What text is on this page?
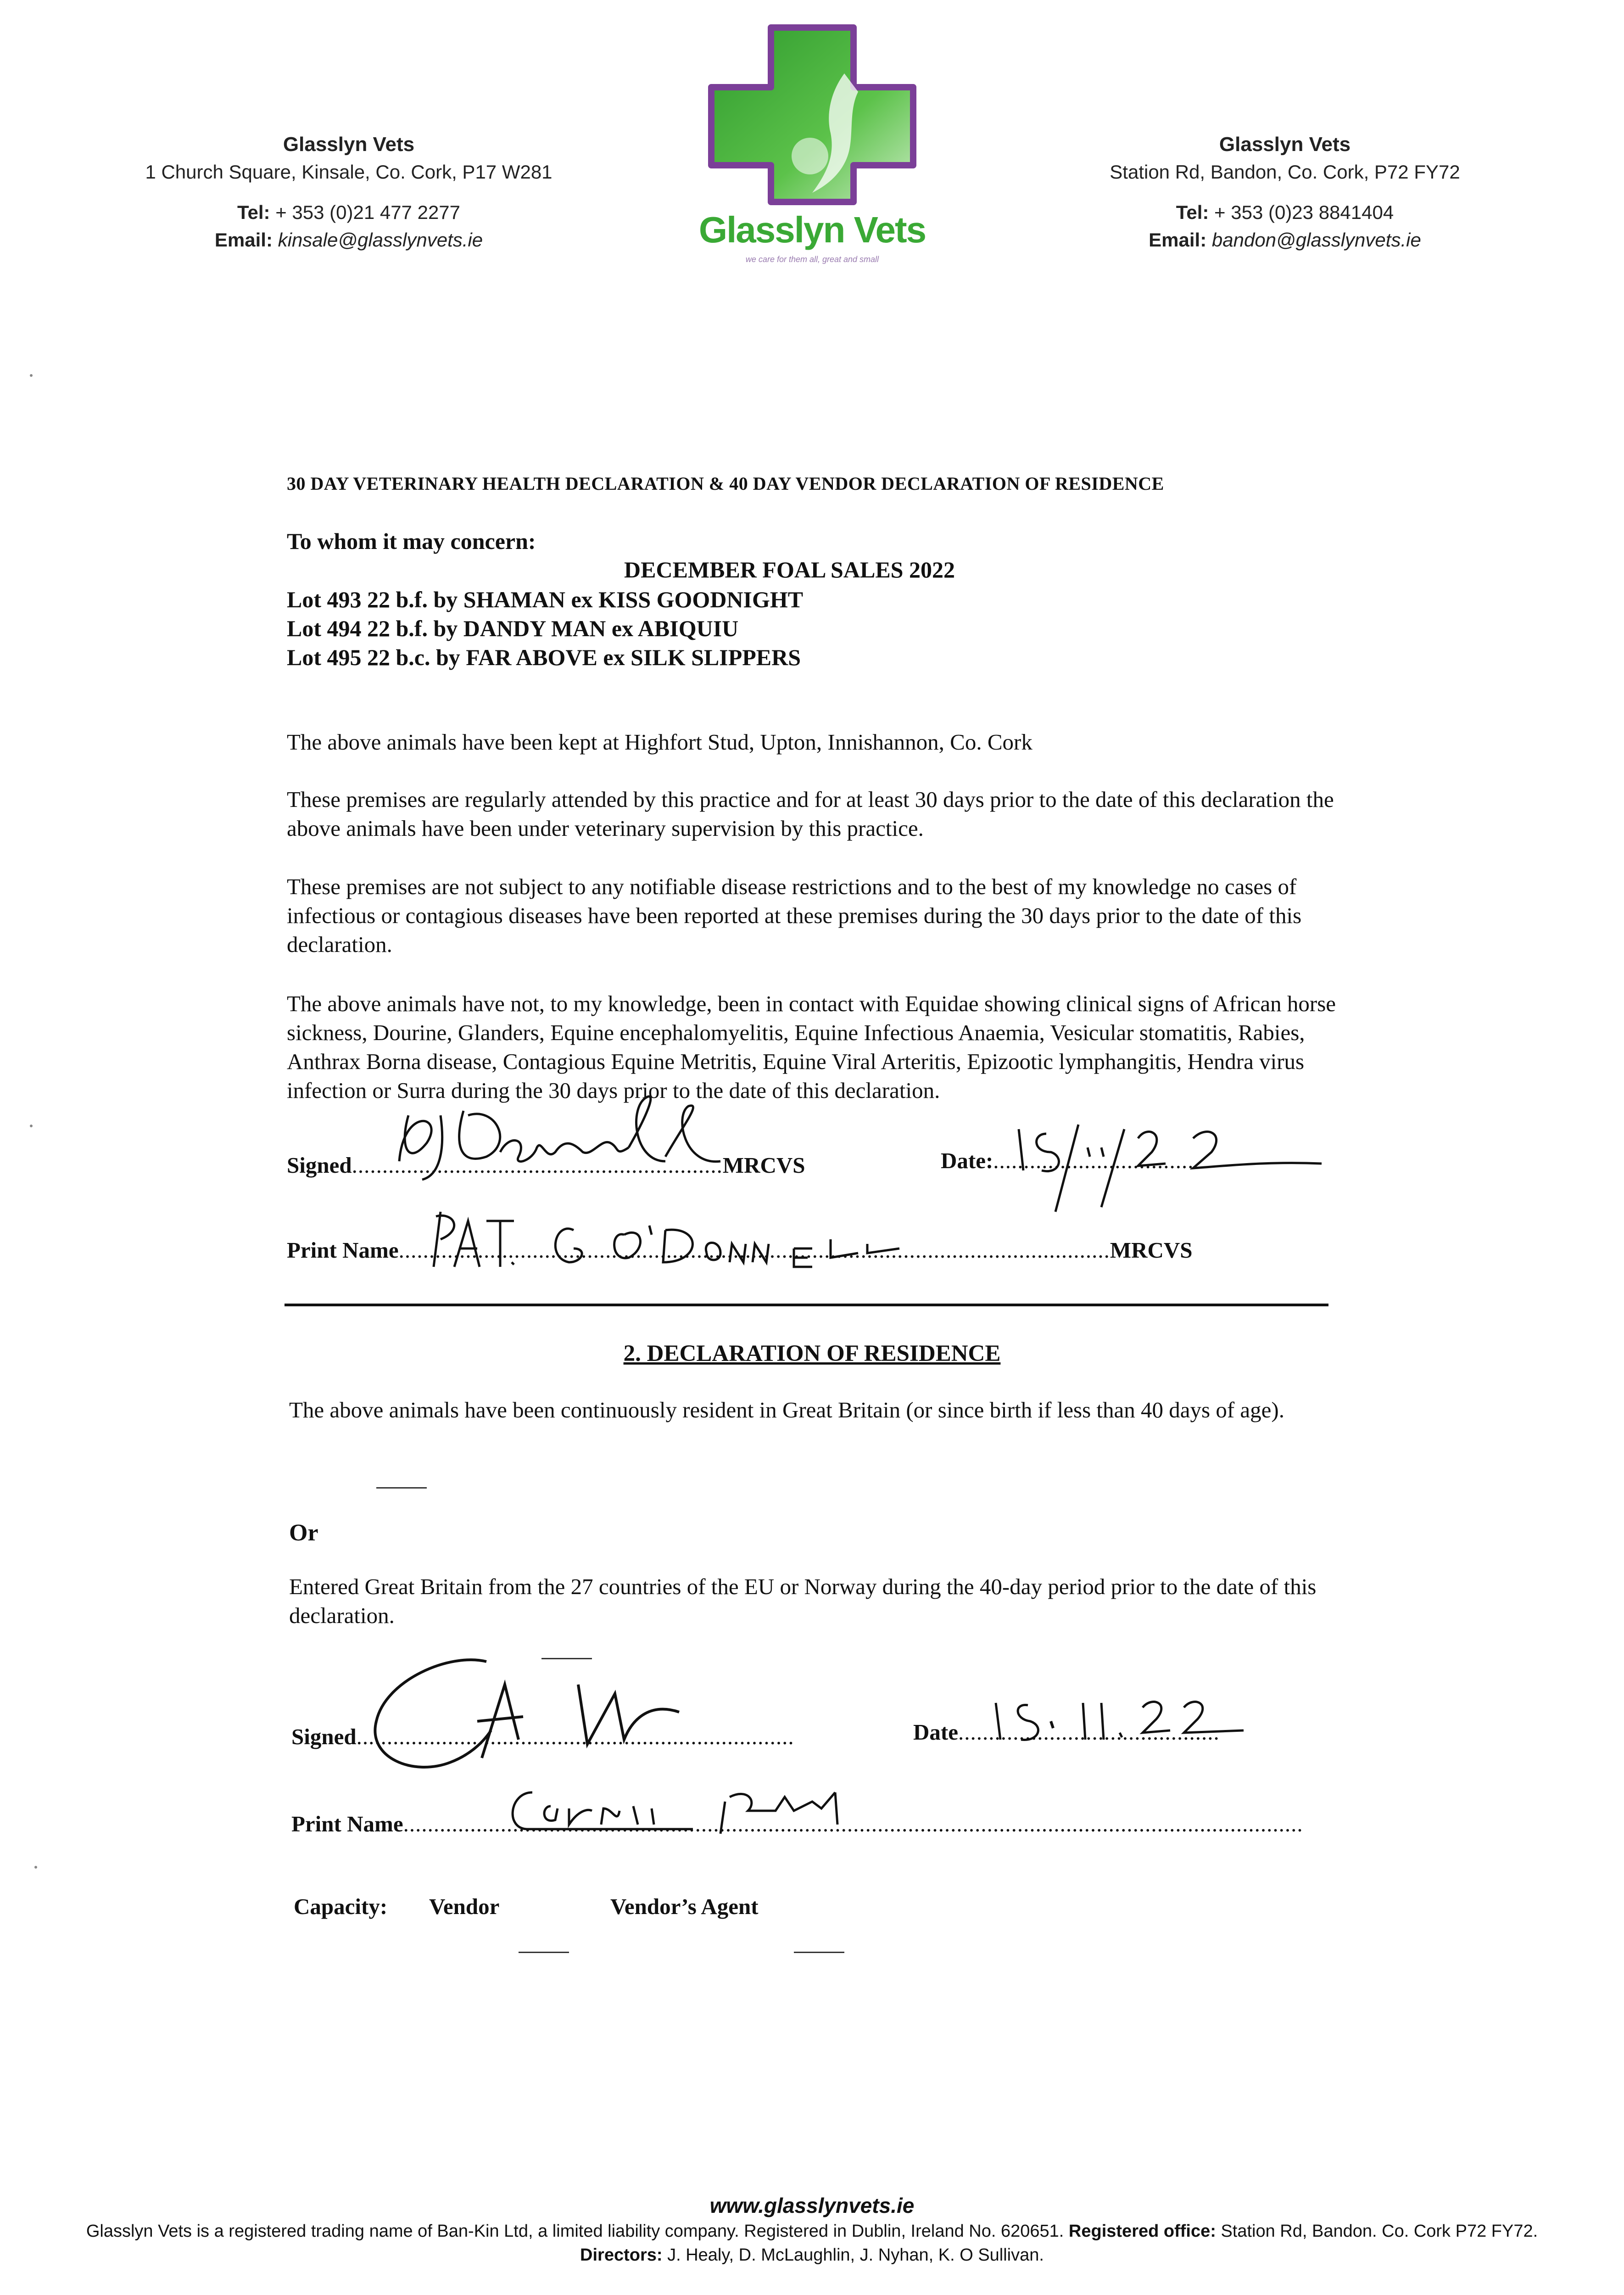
Glasslyn Vets
1 Church Square, Kinsale, Co. Cork, P17 W281
Tel: + 353 (0)21 477 2277
Email: kinsale@glasslynvets.ie
Glasslyn Vets
Station Rd, Bandon, Co. Cork, P72 FY72
Tel: + 353 (0)23 8841404
Email: bandon@glasslynvets.ie
Glasslyn Vets
we care for them all, great and small
30 DAY VETERINARY HEALTH DECLARATION & 40 DAY VENDOR DECLARATION OF RESIDENCE
To whom it may concern:
DECEMBER FOAL SALES 2022
Lot 493 22 b.f. by SHAMAN ex KISS GOODNIGHT
Lot 494 22 b.f. by DANDY MAN ex ABIQUIU
Lot 495 22 b.c. by FAR ABOVE ex SILK SLIPPERS
The above animals have been kept at Highfort Stud, Upton, Innishannon, Co. Cork
These premises are regularly attended by this practice and for at least 30 days prior to the date of this declaration the above animals have been under veterinary supervision by this practice.
These premises are not subject to any notifiable disease restrictions and to the best of my knowledge no cases of infectious or contagious diseases have been reported at these premises during the 30 days prior to the date of this declaration.
The above animals have not, to my knowledge, been in contact with Equidae showing clinical signs of African horse sickness, Dourine, Glanders, Equine encephalomyelitis, Equine Infectious Anaemia, Vesicular stomatitis, Rabies, Anthrax Borna disease, Contagious Equine Metritis, Equine Viral Arteritis, Epizootic lymphangitis, Hendra virus infection or Surra during the 30 days prior to the date of this declaration.
Signed.............................................................MRCVS	Date:.................................
Print Name.....................................................................................................................MRCVS
2. DECLARATION OF RESIDENCE
The above animals have been continuously resident in Great Britain (or since birth if less than 40 days of age).
Or
Entered Great Britain from the 27 countries of the EU or Norway during the 40-day period prior to the date of this declaration.
Signed........................................................................	Date...........................................
Print Name....................................................................................................................................................
Capacity: Vendor	Vendor’s Agent
www.glasslynvets.ie
Glasslyn Vets is a registered trading name of Ban-Kin Ltd, a limited liability company. Registered in Dublin, Ireland No. 620651. Registered office: Station Rd, Bandon. Co. Cork P72 FY72.
Directors: J. Healy, D. McLaughlin, J. Nyhan, K. O Sullivan.
